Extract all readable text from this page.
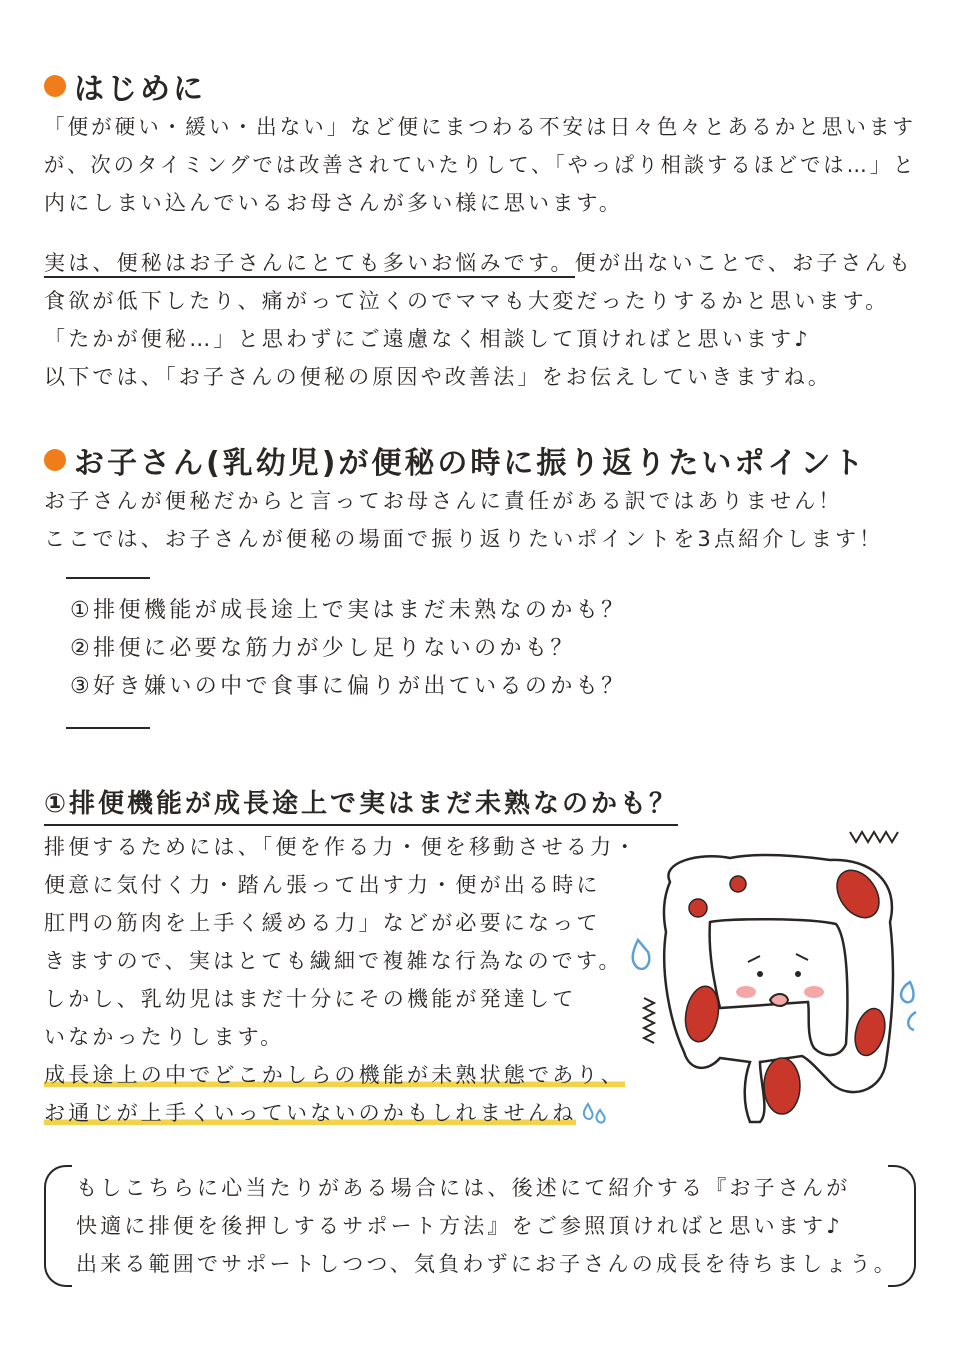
はじめに
「便が硬い・緩い・出ない」など便にまつわる不安は日々色々とあるかと思います
が、次のタイミングでは改善されていたりして、「やっぱり相談するほどでは…」と
内にしまい込んでいるお母さんが多い様に思います。
実は、便秘はお子さんにとても多いお悩みです。便が出ないことで、お子さんも
食欲が低下したり、痛がって泣くのでママも大変だったりするかと思います。
「たかが便秘…」と思わずにご遠慮なく相談して頂ければと思います♪
以下では、「お子さんの便秘の原因や改善法」をお伝えしていきますね。
お子さん(乳幼児)が便秘の時に振り返りたいポイント
お子さんが便秘だからと言ってお母さんに責任がある訳ではありません！
ここでは、お子さんが便秘の場面で振り返りたいポイントを3点紹介します！
①排便機能が成長途上で実はまだ未熟なのかも？
②排便に必要な筋力が少し足りないのかも？
③好き嫌いの中で食事に偏りが出ているのかも？
①排便機能が成長途上で実はまだ未熟なのかも？
排便するためには、「便を作る力・便を移動させる力・
便意に気付く力・踏ん張って出す力・便が出る時に
肛門の筋肉を上手く緩める力」などが必要になって
きますので、実はとても繊細で複雑な行為なのです。
しかし、乳幼児はまだ十分にその機能が発達して
いなかったりします。
成長途上の中でどこかしらの機能が未熟状態であり、
お通じが上手くいっていないのかもしれませんね
もしこちらに心当たりがある場合には、後述にて紹介する『お子さんが
快適に排便を後押しするサポート方法』をご参照頂ければと思います♪
出来る範囲でサポートしつつ、気負わずにお子さんの成長を待ちましょう。
